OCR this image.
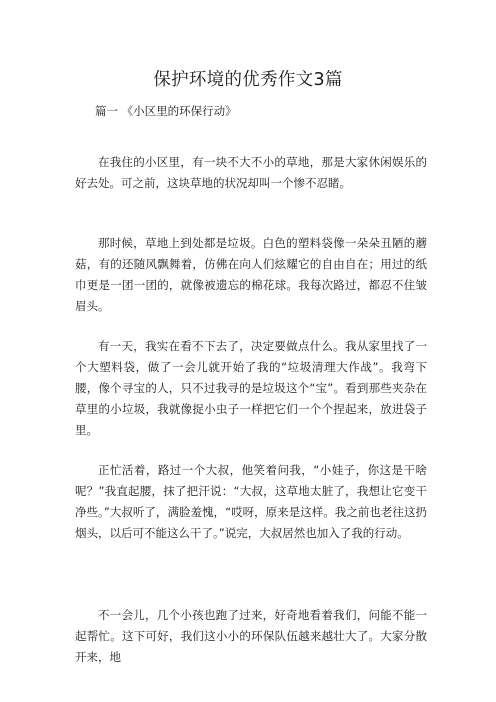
保护环境的优秀作文3篇

篇一 《小区里的环保行动》

在我住的小区里，有一块不大不小的草地，那是大家休闲娱乐的好去处。可之前，这块草地的状况却叫一个惨不忍睹。

那时候，草地上到处都是垃圾。白色的塑料袋像一朵朵丑陋的蘑菇，有的还随风飘舞着，仿佛在向人们炫耀它的自由自在；用过的纸巾更是一团一团的，就像被遗忘的棉花球。我每次路过，都忍不住皱眉头。

有一天，我实在看不下去了，决定要做点什么。我从家里找了一个大塑料袋，做了一会儿就开始了我的“垃圾清理大作战”。我弯下腰，像个寻宝的人，只不过我寻的是垃圾这个“宝”。看到那些夹杂在草里的小垃圾，我就像捉小虫子一样把它们一个个捏起来，放进袋子里。

正忙活着，路过一个大叔，他笑着问我，“小娃子，你这是干啥呢？”我直起腰，抹了把汗说：“大叔，这草地太脏了，我想让它变干净些。”大叔听了，满脸羞愧，“哎呀，原来是这样。我之前也老往这扔烟头，以后可不能这么干了。”说完，大叔居然也加入了我的行动。

不一会儿，几个小孩也跑了过来，好奇地看着我们，问能不能一起帮忙。这下可好，我们这小小的环保队伍越来越壮大了。大家分散开来，地
